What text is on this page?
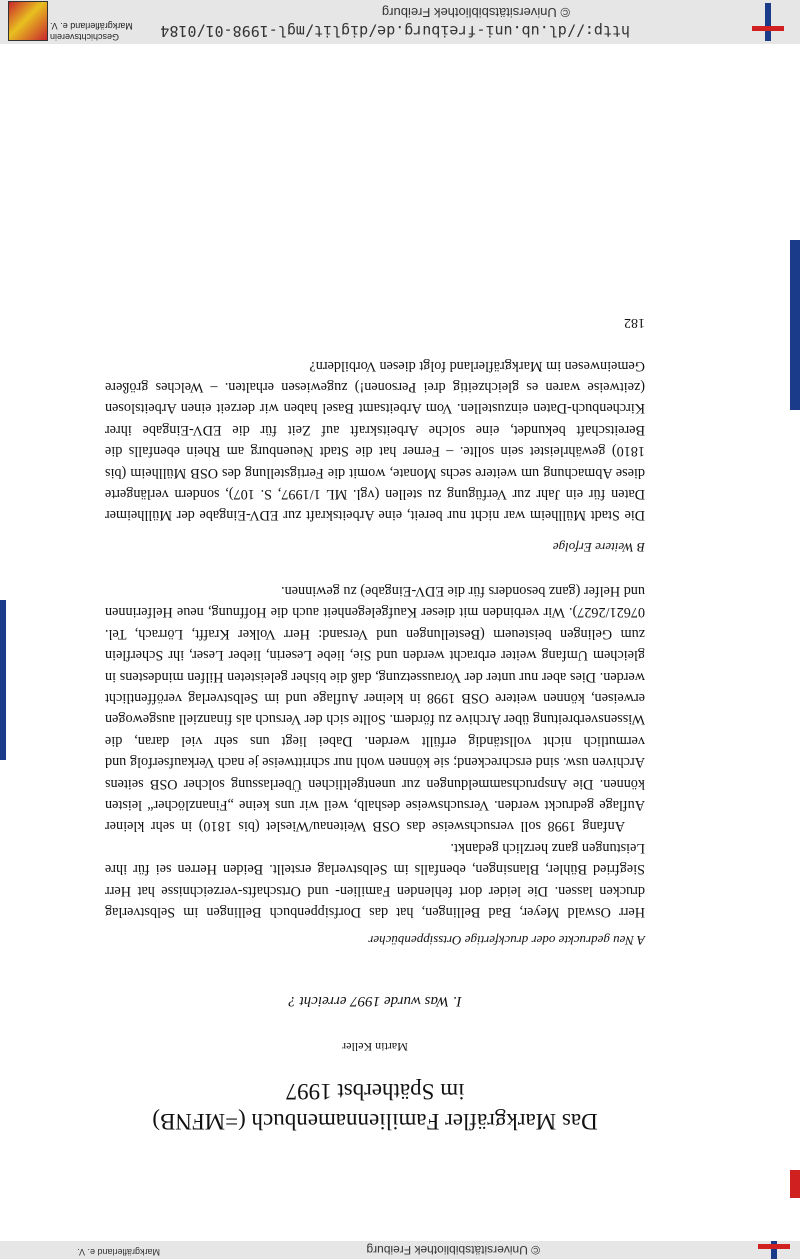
http://dl.ub.uni-freiburg.de/diglit/mgl-1998-01/0184
© Universitätsbibliothek Freiburg
Geschichtsverein
Markgräflerland e. V.

Das Markgräfler Familiennamenbuch (=MFNB)
im Spätherbst 1997

Martin Keller
I. Was wurde 1997 erreicht ?
A Neu gedruckte oder druckfertige Ortssippenbücher

Herr Oswald Meyer, Bad Bellingen, hat das Dorfsippenbuch Bellingen im Selbstverlag drucken lassen. Die leider dort fehlenden Familien- und Ortschafts-verzeichnisse hat Herr Siegfried Bühler, Blansingen, ebenfalls im Selbstverlag erstellt. Beiden Herren sei für ihre Leistungen ganz herzlich gedankt.

Anfang 1998 soll versuchsweise das OSB Weitenau/Wieslet (bis 1810) in sehr kleiner Auflage gedruckt werden. Versuchsweise deshalb, weil wir uns keine „Finanzlöcher“ leisten können. Die Anspruchsammeldungen zur unentgeltlichen Überlassung solcher OSB seitens Archiven usw. sind erschreckend; sie können wohl nur schrittweise je nach Verkaufserfolg und vermutlich nicht vollständig erfüllt werden. Dabei liegt uns sehr viel daran, die Wissensverbreitung über Archive zu fördern. Sollte sich der Versuch als finanziell ausgewogen erweisen, können weitere OSB 1998 in kleiner Auflage und im Selbstverlag veröffentlicht werden. Dies aber nur unter der Voraussetzung, daß die bisher geleisteten Hilfen mindestens in gleichem Umfang weiter erbracht werden und Sie, liebe Leserin, lieber Leser, ihr Scherflein zum Gelingen beisteuern (Bestellungen und Versand: Herr Volker Krafft, Lörrach, Tel. 07621/2627). Wir verbinden mit dieser Kaufgelegenheit auch die Hoffnung, neue Helferinnen und Helfer (ganz besonders für die EDV-Eingabe) zu gewinnen.

B Weitere Erfolge

Die Stadt Müllheim war nicht nur bereit, eine Arbeitskraft zur EDV-Eingabe der Müllheimer Daten für ein Jahr zur Verfügung zu stellen (vgl. ML 1/1997, S. 107), sondern verlängerte diese Abmachung um weitere sechs Monate, womit die Fertigstellung des OSB Müllheim (bis 1810) gewährleistet sein sollte. – Ferner hat die Stadt Neuenburg am Rhein ebenfalls die Bereitschaft bekundet, eine solche Arbeitskraft auf Zeit für die EDV-Eingabe ihrer Kirchenbuch-Daten einzustellen. Vom Arbeitsamt Basel haben wir derzeit einen Arbeitslosen (zeitweise waren es gleichzeitig drei Personen!) zugewiesen erhalten. – Welches größere Gemeinwesen im Markgräflerland folgt diesen Vorbildern?

182
© Universitätsbibliothek Freiburg
Markgräflerland e. V.
